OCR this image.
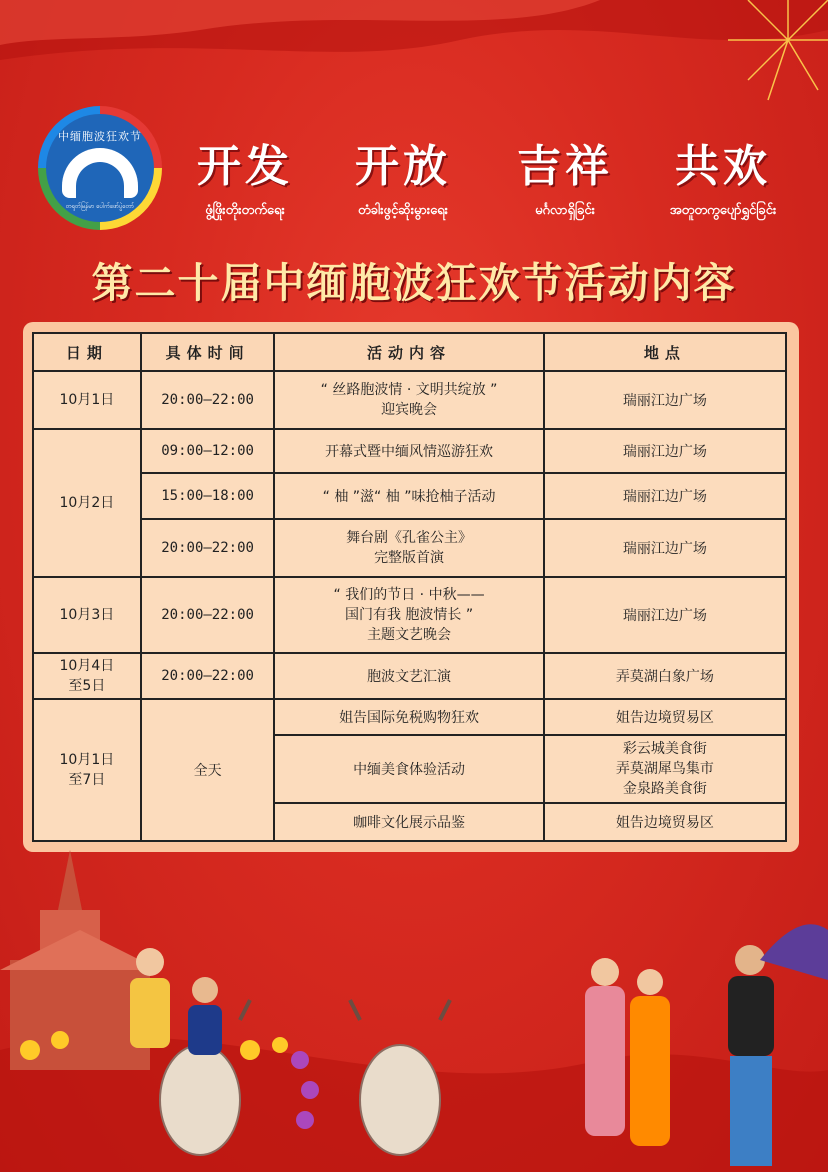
中缅胞波狂欢节
တရုတ်မြန်မာ ပေါက်ဖော်ပွဲတော်
开发
ဖွံ့ဖြိုးတိုးတက်ရေး
开放
တံခါးဖွင့်ဆိုးမွားရေး
吉祥
မင်္ဂလာရှိခြင်း
共欢
အတူတကွပျော်ရွှင်ခြင်း
第二十届中缅胞波狂欢节活动内容
日期	具体时间	活动内容	地点
10月1日	20:00—22:00	“ 丝路胞波情 · 文明共绽放 ”
迎宾晚会	瑞丽江边广场
10月2日	09:00—12:00	开幕式暨中缅风情巡游狂欢	瑞丽江边广场
	15:00—18:00	“ 柚 ”滋“ 柚 ”味抢柚子活动	瑞丽江边广场
	20:00—22:00	舞台剧《孔雀公主》
完整版首演	瑞丽江边广场
10月3日	20:00—22:00	“ 我们的节日 · 中秋——
国门有我 胞波情长 ”
主题文艺晚会	瑞丽江边广场
10月4日
至5日	20:00—22:00	胞波文艺汇演	弄莫湖白象广场
10月1日
至7日	全天	姐告国际免税购物狂欢	姐告边境贸易区
		中缅美食体验活动	彩云城美食街
弄莫湖犀鸟集市
金泉路美食街
		咖啡文化展示品鉴	姐告边境贸易区
